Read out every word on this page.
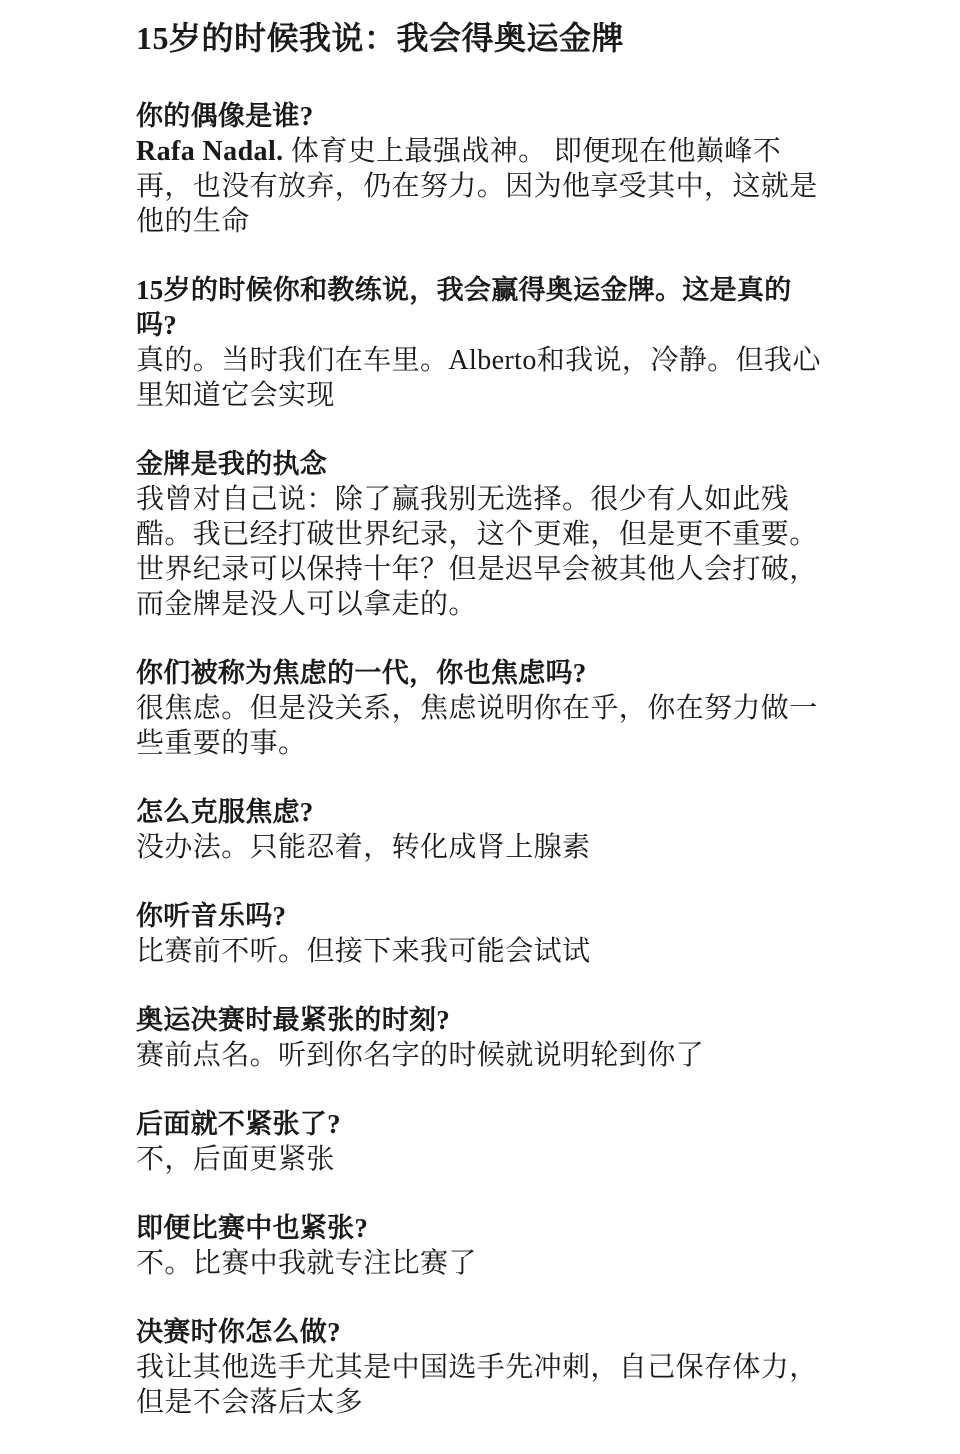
15岁的时候我说：我会得奥运金牌

你的偶像是谁?

Rafa Nadal. 体育史上最强战神。 即便现在他巅峰不再，也没有放弃，仍在努力。因为他享受其中，这就是他的生命

15岁的时候你和教练说，我会赢得奥运金牌。这是真的吗?

真的。当时我们在车里。Alberto和我说，冷静。但我心里知道它会实现

金牌是我的执念

我曾对自己说：除了赢我别无选择。很少有人如此残酷。我已经打破世界纪录，这个更难，但是更不重要。世界纪录可以保持十年？但是迟早会被其他人会打破，而金牌是没人可以拿走的。

你们被称为焦虑的一代，你也焦虑吗?

很焦虑。但是没关系，焦虑说明你在乎，你在努力做一些重要的事。

怎么克服焦虑?

没办法。只能忍着，转化成肾上腺素

你听音乐吗?

比赛前不听。但接下来我可能会试试

奥运决赛时最紧张的时刻?

赛前点名。听到你名字的时候就说明轮到你了

后面就不紧张了?

不，后面更紧张

即便比赛中也紧张?

不。比赛中我就专注比赛了

决赛时你怎么做?

我让其他选手尤其是中国选手先冲刺，自己保存体力，但是不会落后太多
